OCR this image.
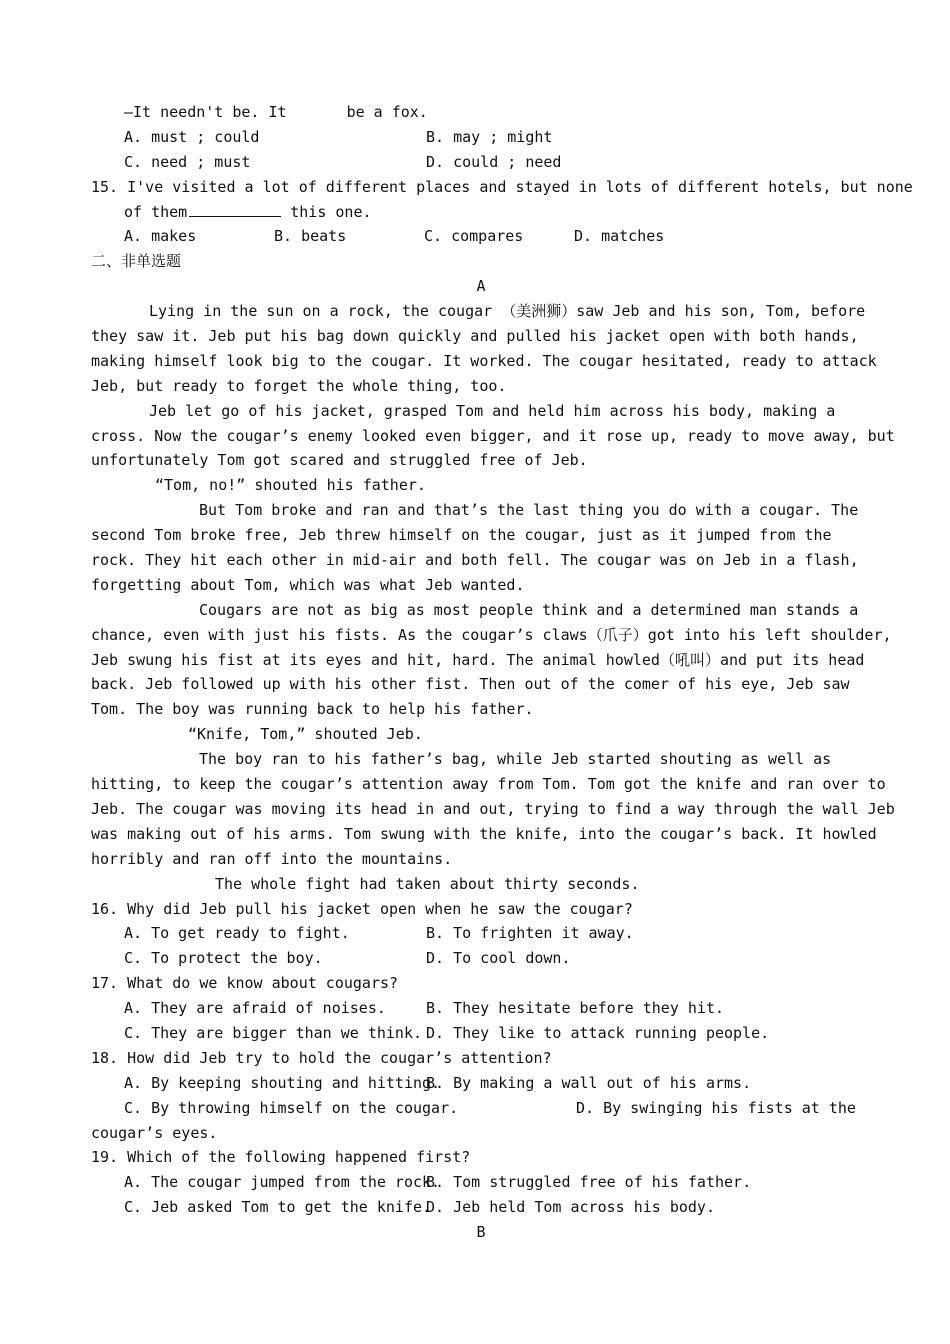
—It needn't be. It	be a fox.
A. must ; could	B. may ; might
C. need ; must	D. could ; need
15. I've visited a lot of different places and stayed in lots of different hotels, but none
of them	this one.
A. makes	B. beats	C. compares	D. matches
二、非单选题
A
Lying in the sun on a rock, the cougar （美洲狮）saw Jeb and his son, Tom, before
they saw it. Jeb put his bag down quickly and pulled his jacket open with both hands,
making himself look big to the cougar. It worked. The cougar hesitated, ready to attack
Jeb, but ready to forget the whole thing, too.
Jeb let go of his jacket, grasped Tom and held him across his body, making a
cross. Now the cougar’s enemy looked even bigger, and it rose up, ready to move away, but
unfortunately Tom got scared and struggled free of Jeb.
“Tom, no!” shouted his father.
But Tom broke and ran and that’s the last thing you do with a cougar. The
second Tom broke free, Jeb threw himself on the cougar, just as it jumped from the
rock. They hit each other in mid-air and both fell. The cougar was on Jeb in a flash,
forgetting about Tom, which was what Jeb wanted.
Cougars are not as big as most people think and a determined man stands a
chance, even with just his fists. As the cougar’s claws（爪子）got into his left shoulder,
Jeb swung his fist at its eyes and hit, hard. The animal howled（吼叫）and put its head
back. Jeb followed up with his other fist. Then out of the comer of his eye, Jeb saw
Tom. The boy was running back to help his father.
“Knife, Tom,” shouted Jeb.
The boy ran to his father’s bag, while Jeb started shouting as well as
hitting, to keep the cougar’s attention away from Tom. Tom got the knife and ran over to
Jeb. The cougar was moving its head in and out, trying to find a way through the wall Jeb
was making out of his arms. Tom swung with the knife, into the cougar’s back. It howled
horribly and ran off into the mountains.
The whole fight had taken about thirty seconds.
16. Why did Jeb pull his jacket open when he saw the cougar?
A. To get ready to fight.	B. To frighten it away.
C. To protect the boy.	D. To cool down.
17. What do we know about cougars?
A. They are afraid of noises.	B. They hesitate before they hit.
C. They are bigger than we think. D. They like to attack running people.
18. How did Jeb try to hold the cougar’s attention?
A. By keeping shouting and hitting.
B. By making a wall out of his arms.
C. By throwing himself on the cougar.	D. By swinging his fists at the
cougar’s eyes.
19. Which of the following happened first?
A. The cougar jumped from the rock.
B. Tom struggled free of his father.
C. Jeb asked Tom to get the knife.
D. Jeb held Tom across his body.
B
